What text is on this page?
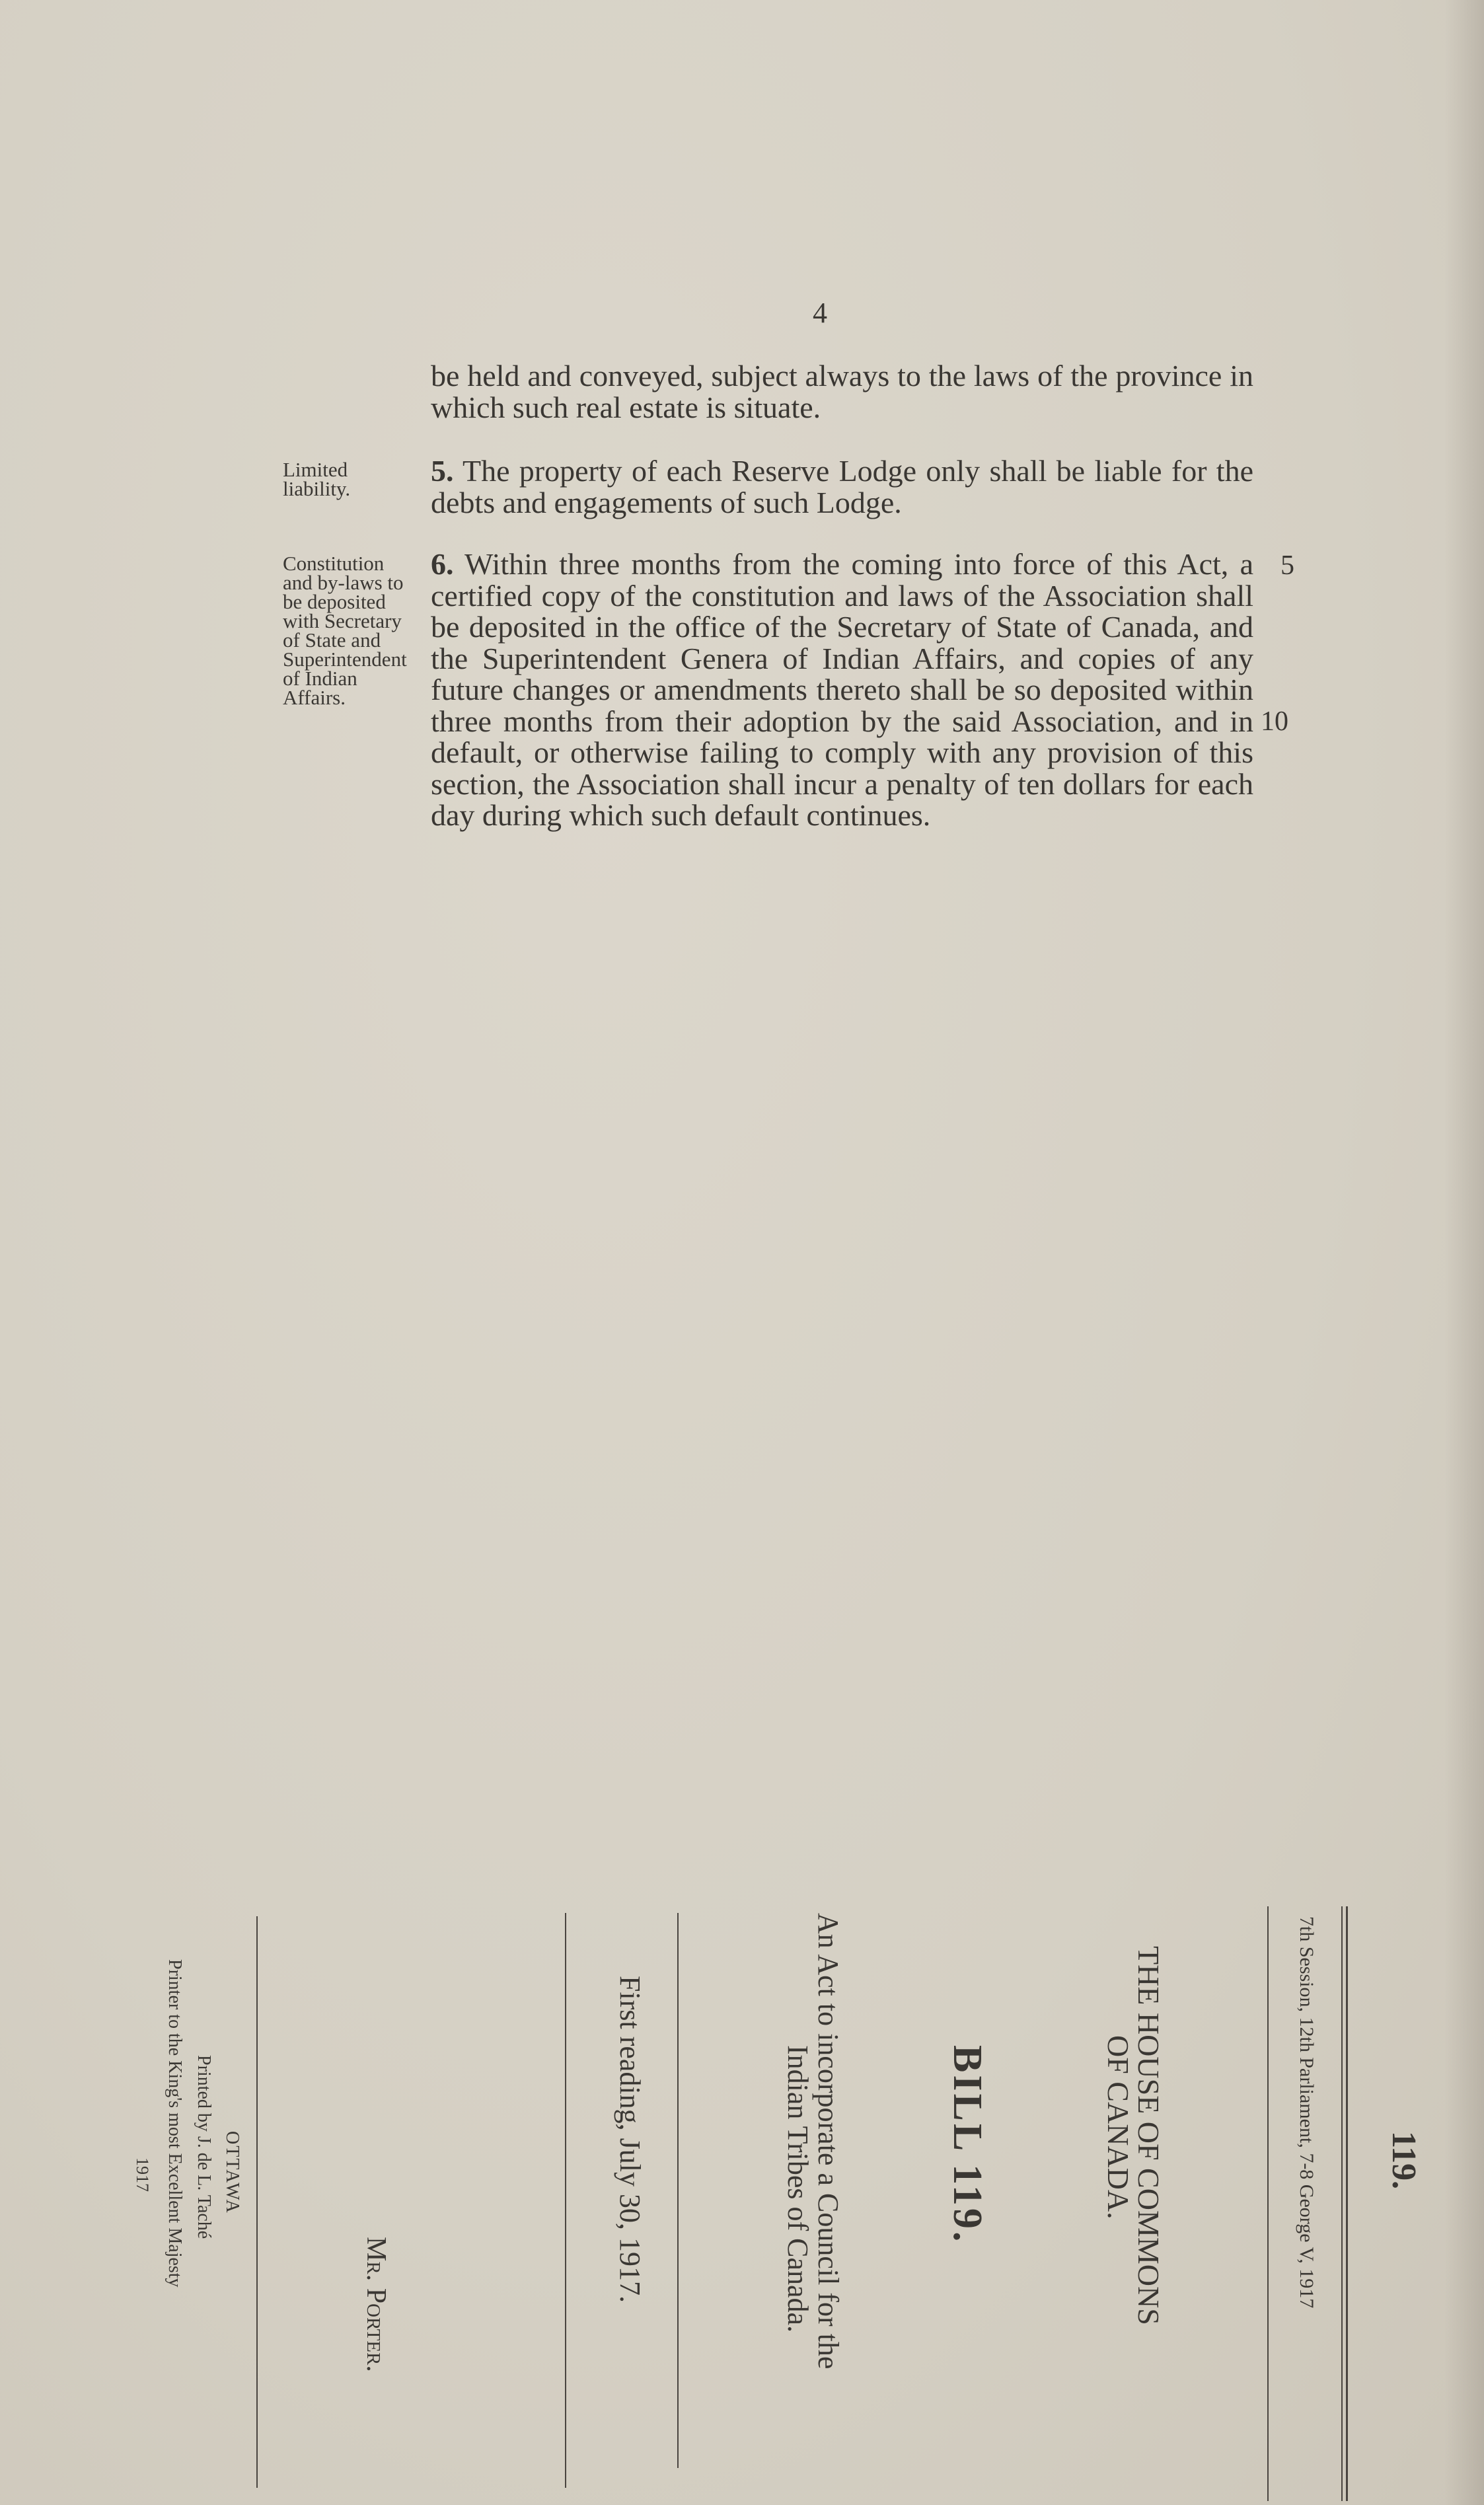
4
be held and conveyed, subject always to the laws of the province in which such real estate is situate.
Limited liability.
5. The property of each Reserve Lodge only shall be liable for the debts and engagements of such Lodge.
Constitution and by-laws to be deposited with Secretary of State and Superintendent of Indian Affairs.
6. Within three months from the coming into force of this Act, a certified copy of the constitution and laws of the Association shall be deposited in the office of the Secretary of State of Canada, and the Superintendent Genera of Indian Affairs, and copies of any future changes or amendments thereto shall be so deposited within three months from their adoption by the said Association, and in default, or otherwise failing to comply with any provision of this section, the Association shall incur a penalty of ten dollars for each day during which such default continues.
5
10
119.
7th Session, 12th Parliament, 7-8 George V, 1917
THE HOUSE OF COMMONS
OF CANADA.
BILL 119.
An Act to incorporate a Council for the
Indian Tribes of Canada.
First reading, July 30, 1917.
Mr. Porter.
OTTAWA
Printed by J. de L. Taché
Printer to the King's most Excellent Majesty
1917
